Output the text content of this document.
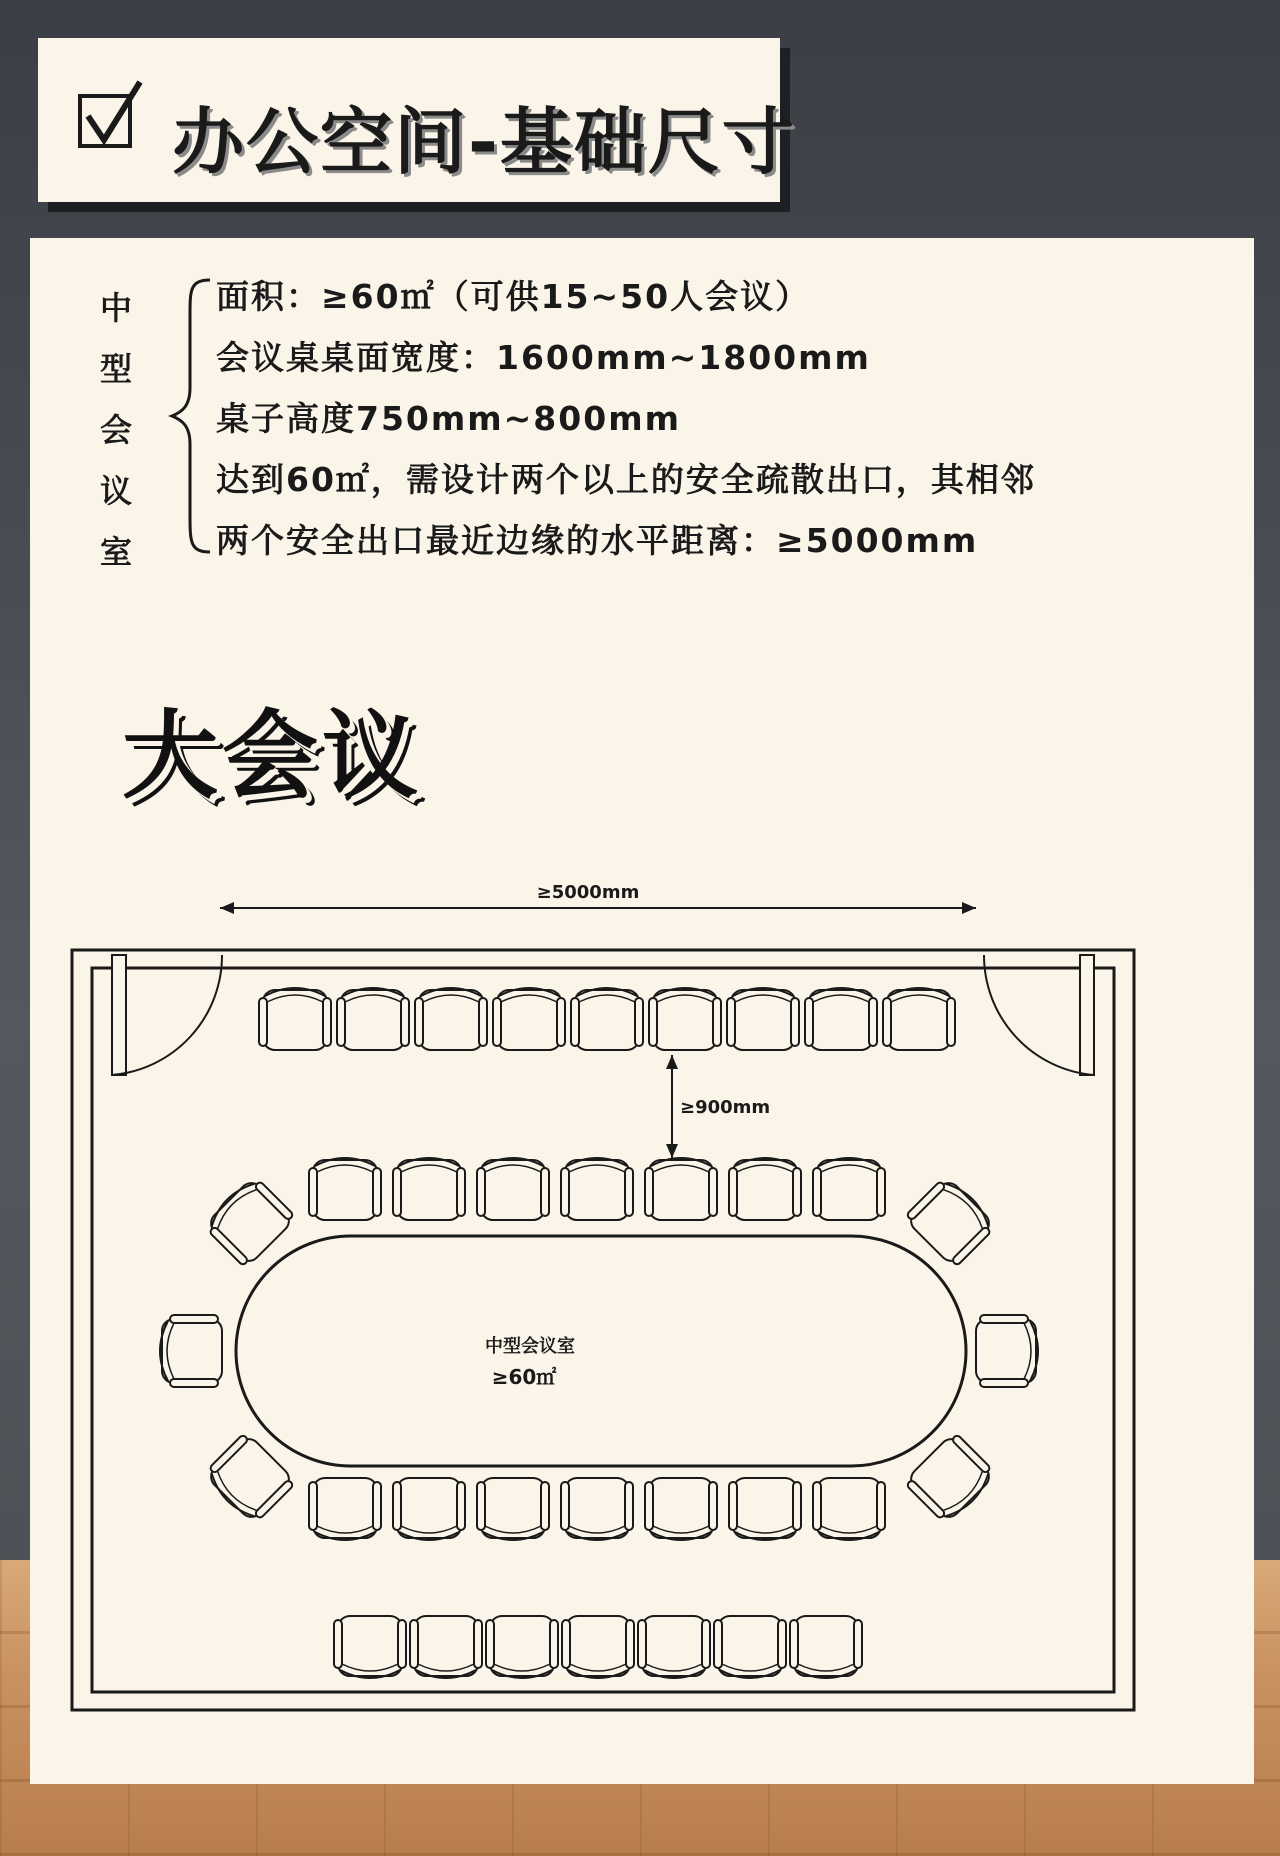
办公空间-基础尺寸
中
型
会
议
室
面积：≥60㎡（可供15~50人会议）
会议桌桌面宽度：1600mm~1800mm
桌子高度750mm~800mm
达到60㎡，需设计两个以上的安全疏散出口，其相邻
两个安全出口最近边缘的水平距离：≥5000mm
大会议
≥5000mm
≥900mm
中型会议室
≥60㎡
